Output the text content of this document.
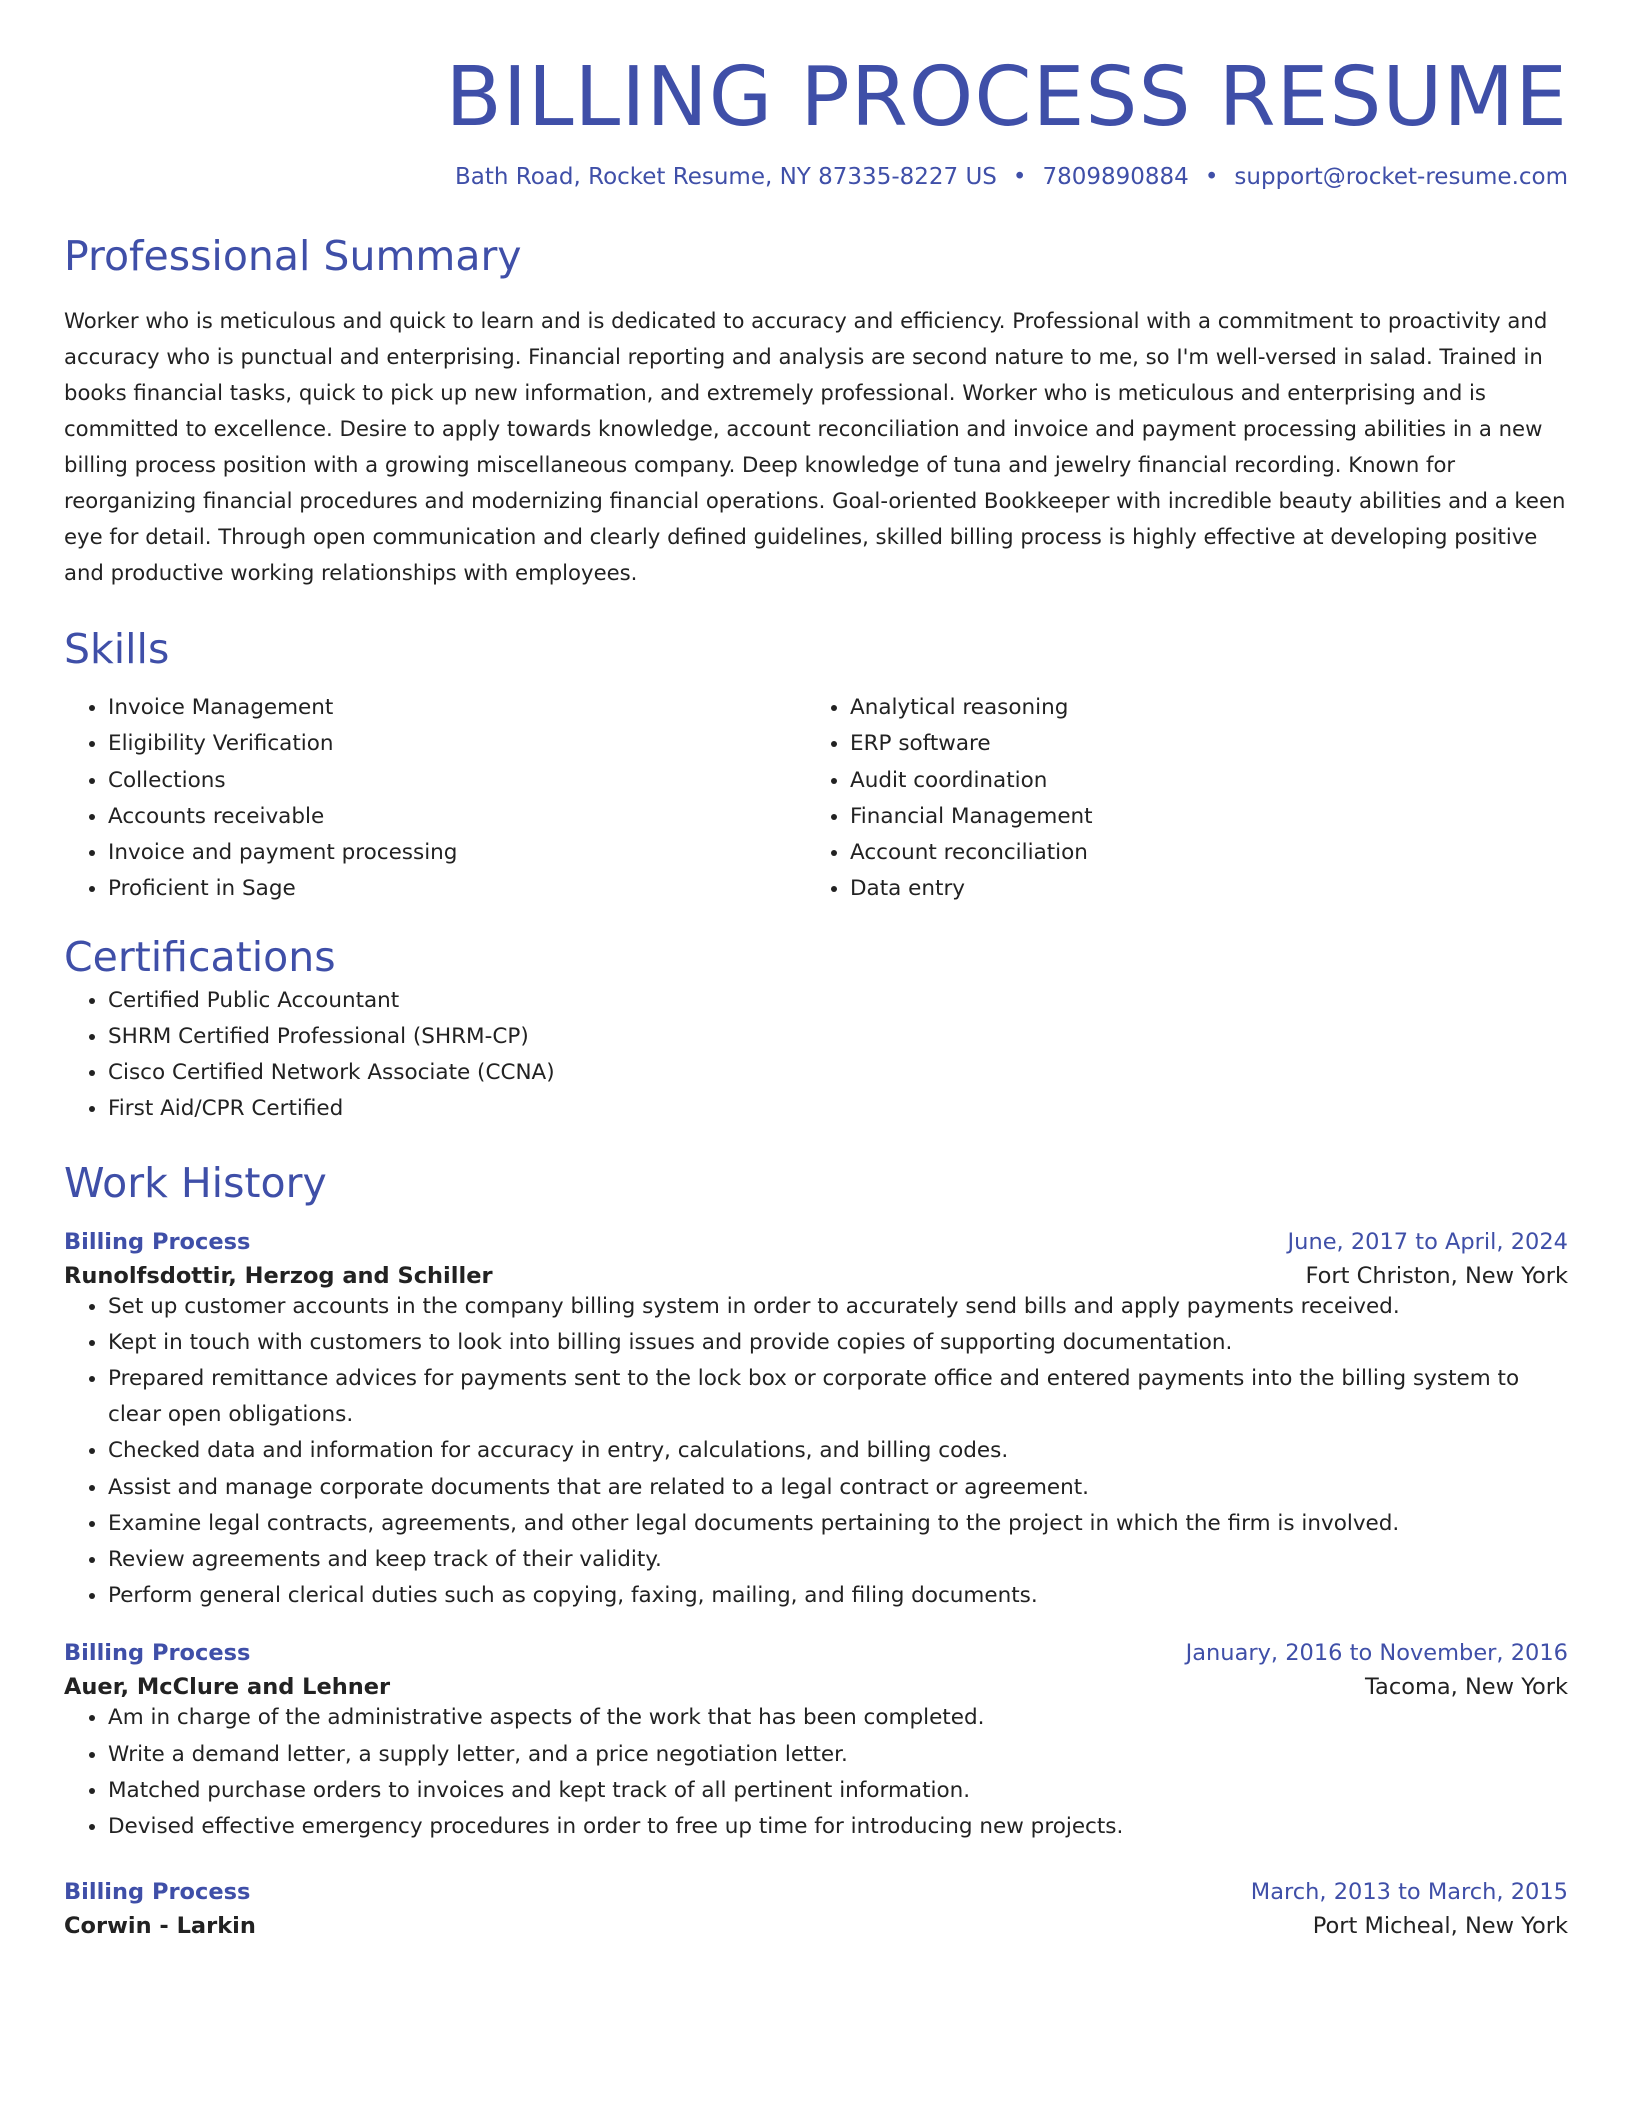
BILLING PROCESS RESUME
Bath Road, Rocket Resume, NY 87335-8227 US • 7809890884 • support@rocket-resume.com
Professional Summary

Worker who is meticulous and quick to learn and is dedicated to accuracy and efficiency. Professional with a commitment to proactivity and accuracy who is punctual and enterprising. Financial reporting and analysis are second nature to me, so I'm well-versed in salad. Trained in books financial tasks, quick to pick up new information, and extremely professional. Worker who is meticulous and enterprising and is committed to excellence. Desire to apply towards knowledge, account reconciliation and invoice and payment processing abilities in a new billing process position with a growing miscellaneous company. Deep knowledge of tuna and jewelry financial recording. Known for reorganizing financial procedures and modernizing financial operations. Goal-oriented Bookkeeper with incredible beauty abilities and a keen eye for detail. Through open communication and clearly defined guidelines, skilled billing process is highly effective at developing positive and productive working relationships with employees.

Skills
• Invoice Management
• Eligibility Verification
• Collections
• Accounts receivable
• Invoice and payment processing
• Proficient in Sage
• Analytical reasoning
• ERP software
• Audit coordination
• Financial Management
• Account reconciliation
• Data entry
Certifications
• Certified Public Accountant
• SHRM Certified Professional (SHRM-CP)
• Cisco Certified Network Associate (CCNA)
• First Aid/CPR Certified
Work History
Billing Process	June, 2017 to April, 2024
Runolfsdottir, Herzog and Schiller	Fort Christon, New York
• Set up customer accounts in the company billing system in order to accurately send bills and apply payments received.
• Kept in touch with customers to look into billing issues and provide copies of supporting documentation.
• Prepared remittance advices for payments sent to the lock box or corporate office and entered payments into the billing system to clear open obligations.
• Checked data and information for accuracy in entry, calculations, and billing codes.
• Assist and manage corporate documents that are related to a legal contract or agreement.
• Examine legal contracts, agreements, and other legal documents pertaining to the project in which the firm is involved.
• Review agreements and keep track of their validity.
• Perform general clerical duties such as copying, faxing, mailing, and filing documents.
Billing Process	January, 2016 to November, 2016
Auer, McClure and Lehner	Tacoma, New York
• Am in charge of the administrative aspects of the work that has been completed.
• Write a demand letter, a supply letter, and a price negotiation letter.
• Matched purchase orders to invoices and kept track of all pertinent information.
• Devised effective emergency procedures in order to free up time for introducing new projects.
Billing Process	March, 2013 to March, 2015
Corwin - Larkin	Port Micheal, New York
